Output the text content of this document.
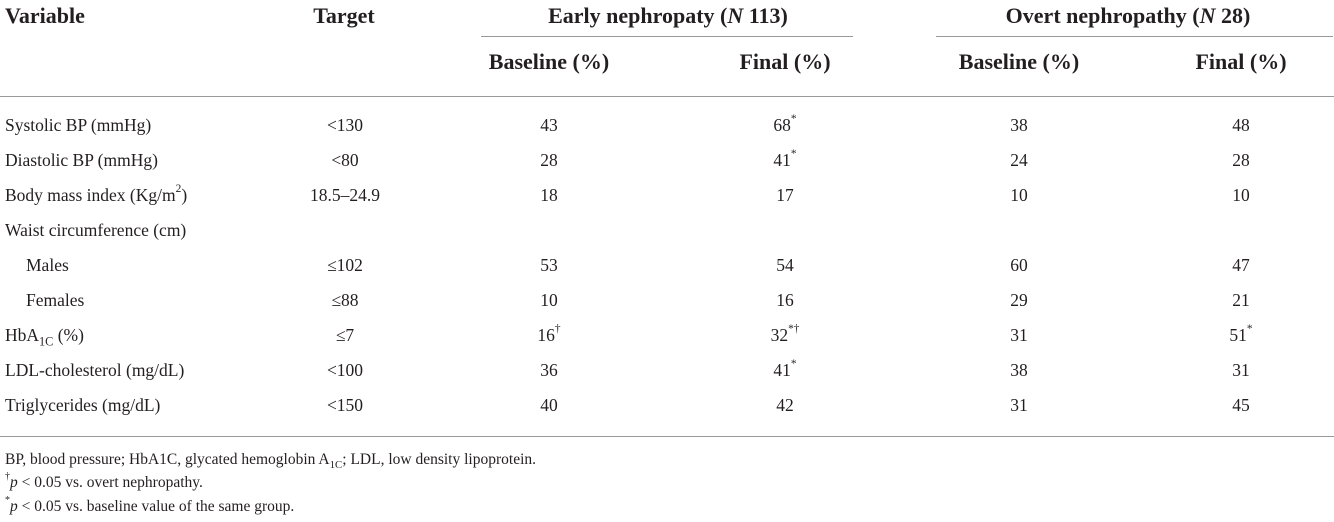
Variable	Target	Early nephropaty (N 113)	Overt nephropathy (N 28)
Baseline (%)	Final (%)	Baseline (%)	Final (%)
Systolic BP (mmHg)	<130	43	68*	38	48
Diastolic BP (mmHg)	<80	28	41*	24	28
Body mass index $(Kg/m^2)$	18.5–24.9	18	17	10	10
Waist circumference (cm)
Males	≤102	53	54	60	47
Females	≤88	10	16	29	21
HbA$_{1C}$ (%)	≤7	16†	32*†	31	51*
LDL-cholesterol (mg/dL)	<100	36	41*	38	31
Triglycerides (mg/dL)	<150	40	42	31	45
BP, blood pressure; HbA1C, glycated hemoglobin $A_{1C}$; LDL, low density lipoprotein.
†p < 0.05 vs. overt nephropathy.
*p < 0.05 vs. baseline value of the same group.
